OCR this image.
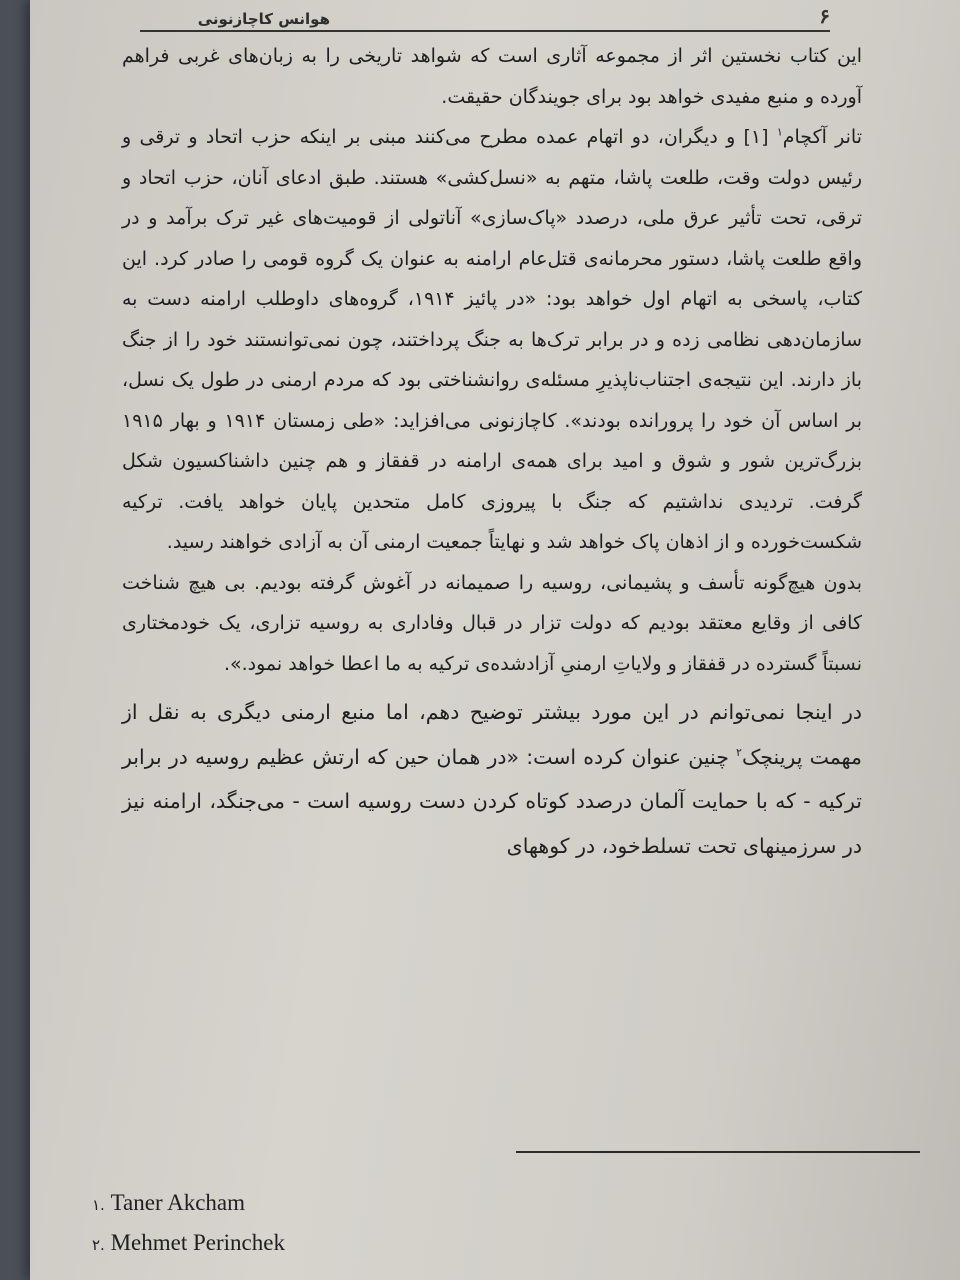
۶
هوانس کاچازنونی

این کتاب نخستین اثر از مجموعه آثاری است که شواهد تاریخی را به زبان‌های غربی فراهم آورده و منبع مفیدی خواهد بود برای جویندگان حقیقت.

تانر آکچام$^۱$ [۱] و دیگران، دو اتهام عمده مطرح می‌کنند مبنی بر اینکه حزب اتحاد و ترقی و رئیس دولت وقت، طلعت پاشا، متهم به «نسل‌کشی» هستند. طبق ادعای آنان، حزب اتحاد و ترقی، تحت تأثیر عرق ملی، درصدد «پاک‌سازی» آناتولی از قومیت‌های غیر ترک برآمد و در واقع طلعت پاشا، دستور محرمانه‌ی قتل‌عام ارامنه به عنوان یک گروه قومی را صادر کرد. این کتاب، پاسخی به اتهام اول خواهد بود: «در پائیز ۱۹۱۴، گروه‌های داوطلب ارامنه دست به سازمان‌دهی نظامی زده و در برابر ترک‌ها به جنگ پرداختند، چون نمی‌توانستند خود را از جنگ باز دارند. این نتیجه‌ی اجتناب‌ناپذیرِ مسئله‌ی روانشناختی بود که مردم ارمنی در طول یک نسل، بر اساس آن خود را پرورانده بودند». کاچازنونی می‌افزاید: «طی زمستان ۱۹۱۴ و بهار ۱۹۱۵ بزرگ‌ترین شور و شوق و امید برای همه‌ی ارامنه در قفقاز و هم چنین داشناکسیون شکل گرفت. تردیدی نداشتیم که جنگ با پیروزی کامل متحدین پایان خواهد یافت. ترکیه شکست‌خورده و از اذهان پاک خواهد شد و نهایتاً جمعیت ارمنی آن به آزادی خواهند رسید.

بدون هیچ‌گونه تأسف و پشیمانی، روسیه را صمیمانه در آغوش گرفته بودیم. بی هیچ شناخت کافی از وقایع معتقد بودیم که دولت تزار در قبال وفاداری به روسیه تزاری، یک خودمختاری نسبتاً گسترده در قفقاز و ولایاتِ ارمنیِ آزادشده‌ی ترکیه به ما اعطا خواهد نمود.».

در اینجا نمی‌توانم در این مورد بیشتر توضیح دهم، اما منبع ارمنی دیگری به نقل از مهمت پرینچک$^۲$ چنین عنوان کرده است: «در همان حین که ارتش عظیم روسیه در برابر ترکیه - که با حمایت آلمان درصدد کوتاه کردن دست روسیه است - می‌جنگد، ارامنه نیز در سرزمینهای تحت تسلط‌خود، در کوههای

۱. Taner Akcham
۲. Mehmet Perinchek
